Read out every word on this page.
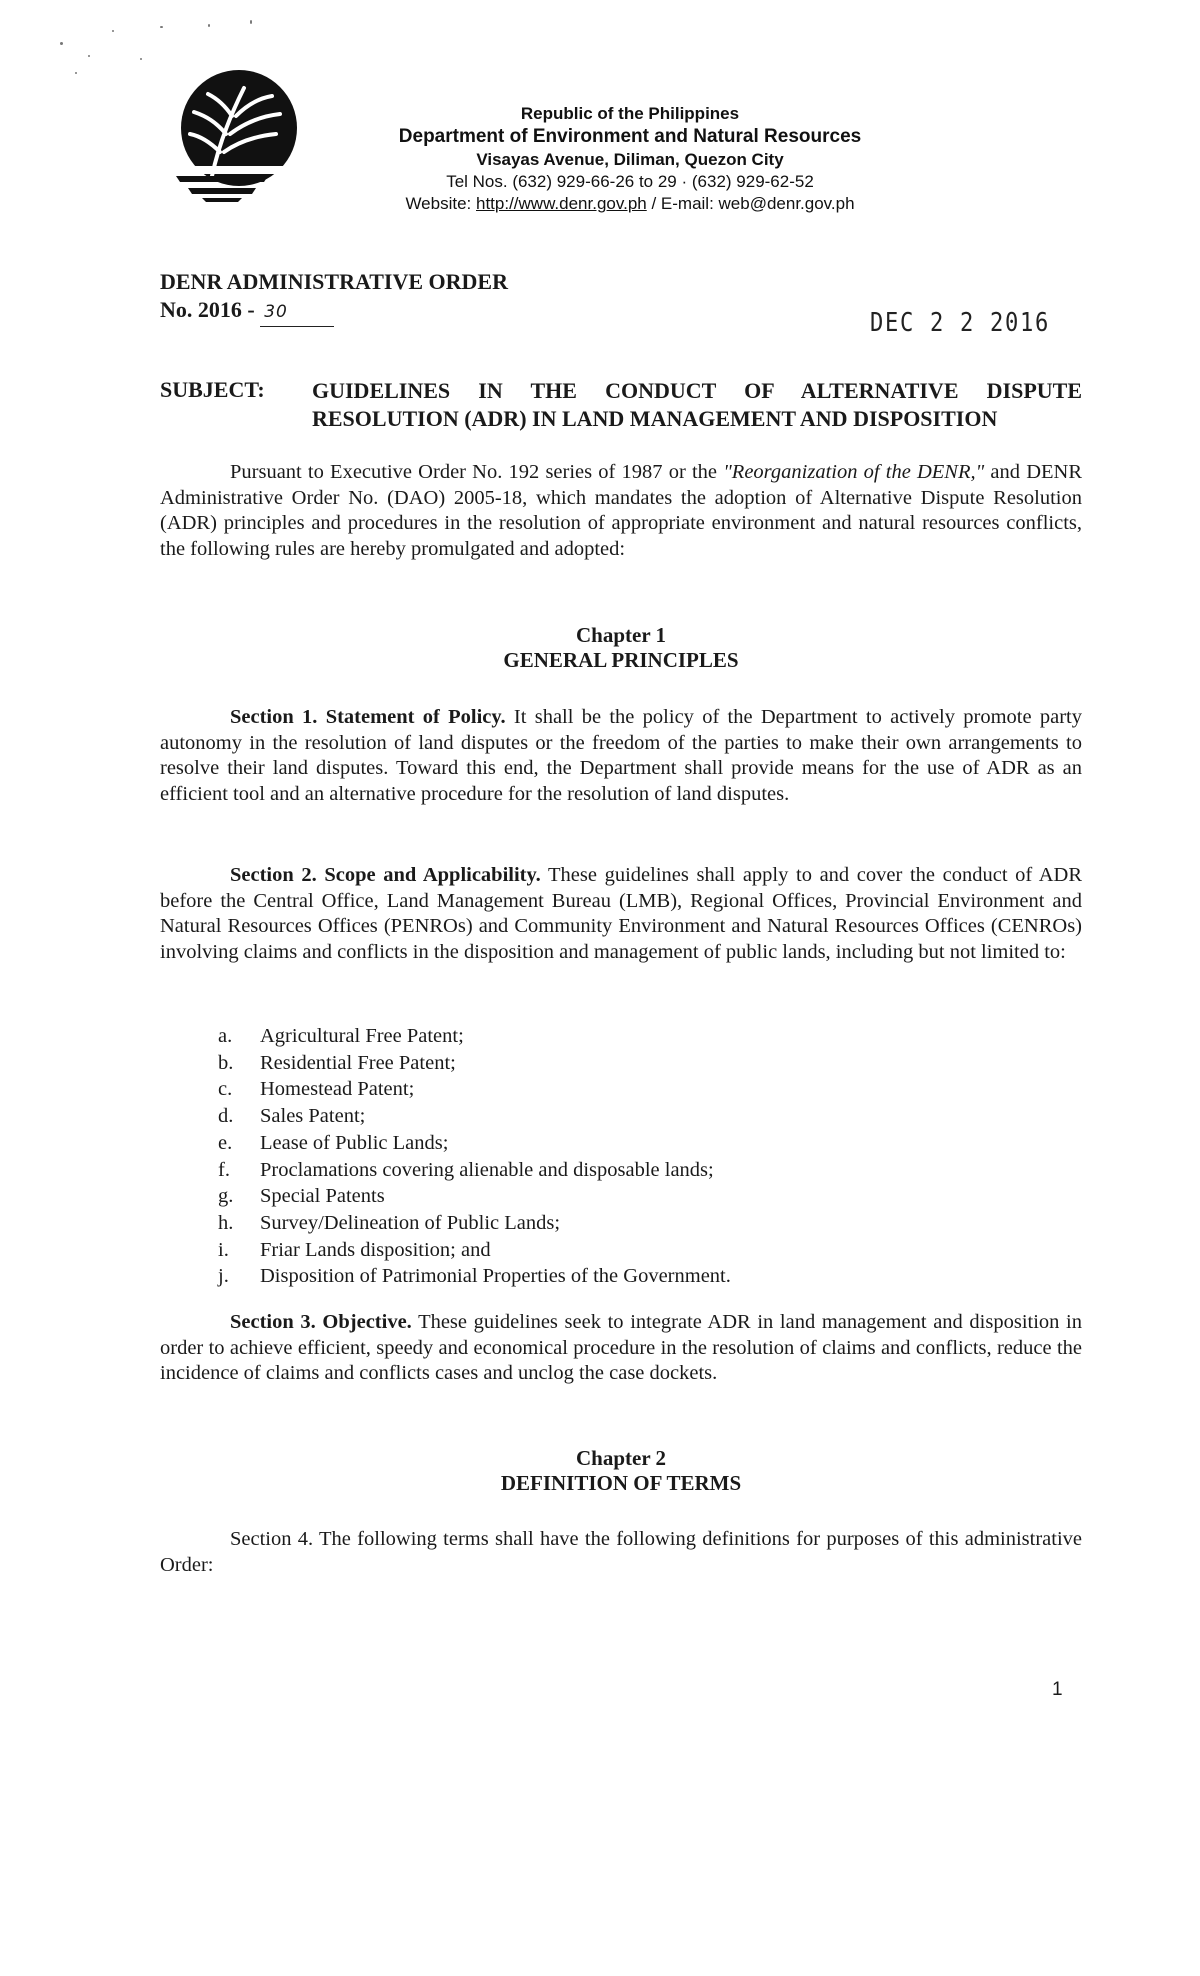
Republic of the Philippines
Department of Environment and Natural Resources
Visayas Avenue, Diliman, Quezon City
Tel Nos. (632) 929-66-26 to 29 · (632) 929-62-52
Website: http://www.denr.gov.ph / E-mail: web@denr.gov.ph
DENR ADMINISTRATIVE ORDER
No. 2016 - 30	DEC 2 2 2016
SUBJECT: GUIDELINES IN THE CONDUCT OF ALTERNATIVE DISPUTE RESOLUTION (ADR) IN LAND MANAGEMENT AND DISPOSITION
Pursuant to Executive Order No. 192 series of 1987 or the "Reorganization of the DENR," and DENR Administrative Order No. (DAO) 2005-18, which mandates the adoption of Alternative Dispute Resolution (ADR) principles and procedures in the resolution of appropriate environment and natural resources conflicts, the following rules are hereby promulgated and adopted:
Chapter 1
GENERAL PRINCIPLES
Section 1. Statement of Policy. It shall be the policy of the Department to actively promote party autonomy in the resolution of land disputes or the freedom of the parties to make their own arrangements to resolve their land disputes. Toward this end, the Department shall provide means for the use of ADR as an efficient tool and an alternative procedure for the resolution of land disputes.
Section 2. Scope and Applicability. These guidelines shall apply to and cover the conduct of ADR before the Central Office, Land Management Bureau (LMB), Regional Offices, Provincial Environment and Natural Resources Offices (PENROs) and Community Environment and Natural Resources Offices (CENROs) involving claims and conflicts in the disposition and management of public lands, including but not limited to:
a.	Agricultural Free Patent;
b.	Residential Free Patent;
c.	Homestead Patent;
d.	Sales Patent;
e.	Lease of Public Lands;
f.	Proclamations covering alienable and disposable lands;
g.	Special Patents
h.	Survey/Delineation of Public Lands;
i.	Friar Lands disposition; and
j.	Disposition of Patrimonial Properties of the Government.
Section 3. Objective. These guidelines seek to integrate ADR in land management and disposition in order to achieve efficient, speedy and economical procedure in the resolution of claims and conflicts, reduce the incidence of claims and conflicts cases and unclog the case dockets.
Chapter 2
DEFINITION OF TERMS
Section 4. The following terms shall have the following definitions for purposes of this administrative Order:
1
